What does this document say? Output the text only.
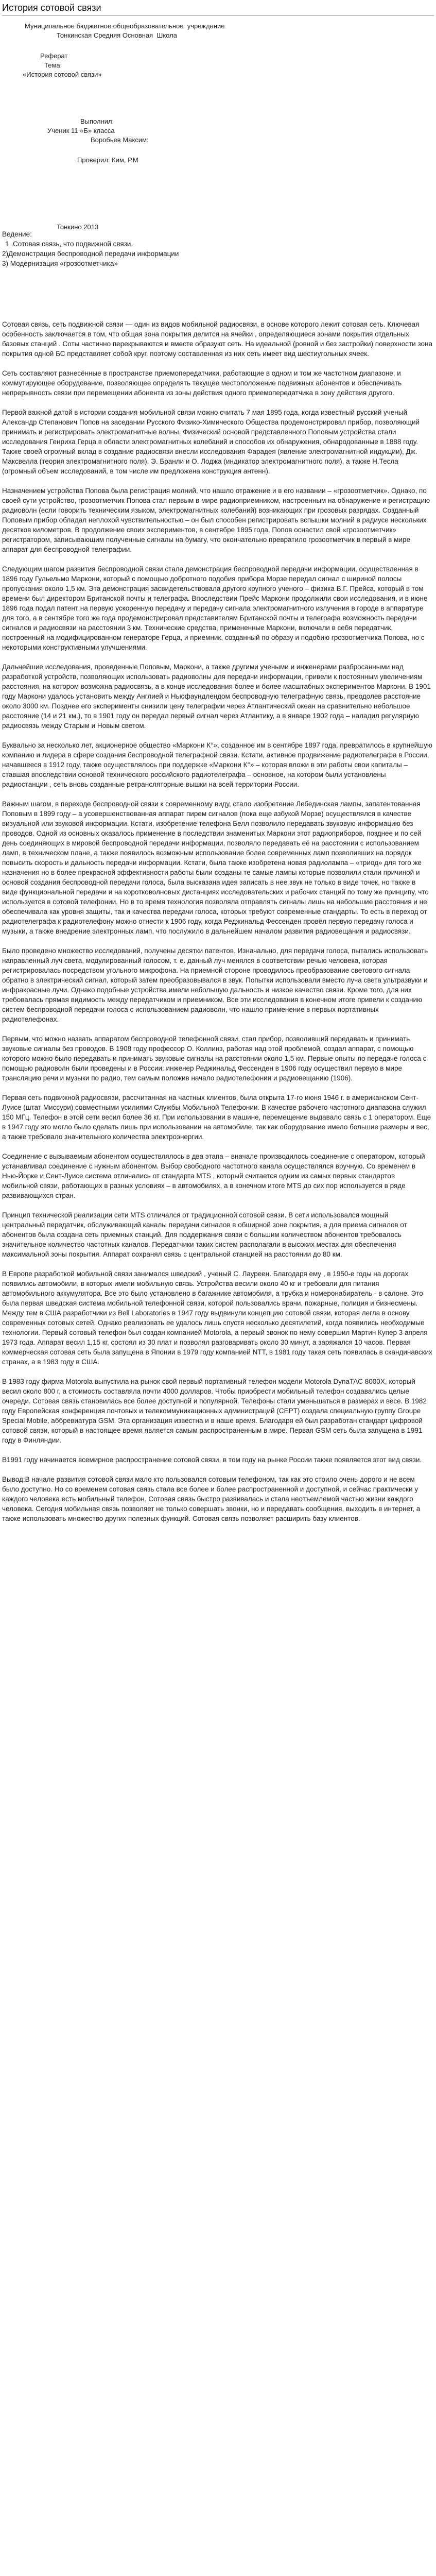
История сотовой связи

Муниципальное бюджетное общеобразовательное  учреждение

Тонкинская Средняя Основная  Школа

Реферат

Тема:

«История сотовой связи»

Выполнил:

Ученик 11 «Б» класса

Воробьев Максим:

Проверил: Ким, Р.М

Тонкино 2013

Ведение:

1. Сотовая связь, что подвижной связи.

2)Демонстрация беспроводной передачи информации

3) Модернизация «грозоотметчика»

Сотовая связь, сеть подвижной связи — один из видов мобильной радиосвязи, в основе которого лежит сотовая сеть. Ключевая особенность заключается в том, что общая зона покрытия делится на ячейки , определяющиеся зонами покрытия отдельных базовых станций . Соты частично перекрываются и вместе образуют сеть. На идеальной (ровной и без застройки) поверхности зона покрытия одной БС представляет собой круг, поэтому составленная из них сеть имеет вид шестиугольных ячеек.

Сеть составляют разнесённые в пространстве приемопередатчики, работающие в одном и том же частотном диапазоне, и коммутирующее оборудование, позволяющее определять текущее местоположение подвижных абонентов и обеспечивать непрерывность связи при перемещении абонента из зоны действия одного приемопередатчика в зону действия другого.

Первой важной датой в истории создания мобильной связи можно считать 7 мая 1895 года, когда известный русский ученый Александр Степанович Попов на заседании Русского Физико-Химического Общества продемонстрировал прибор, позволяющий принимать и регистрировать электромагнитные волны. Физический основой представленного Поповым устройства стали исследования Генриха Герца в области электромагнитных колебаний и способов их обнаружения, обнародованные в 1888 году. Также своей огромный вклад в создание радиосвязи внесли исследования Фарадея (явление электромагнитной индукции), Дж. Максвелла (теория электромагнитного поля), Э. Бранли и О. Лоджа (индикатор электромагнитного поля), а также Н.Тесла (огромный объем исследований, в том числе им предложена конструкция антенн).

Назначением устройства Попова была регистрация молний, что нашло отражение и в его названии – «грозоотметчик». Однако, по своей сути устройство, грозоотметчик Попова стал первым в мире радиоприемником, настроенным на обнаружение и регистрацию радиоволн (если говорить техническим языком, электромагнитных колебаний) возникающих при грозовых разрядах. Созданный Поповым прибор обладал неплохой чувствительностью – он был способен регистрировать вспышки молний в радиусе нескольких десятков километров. В продолжение своих экспериментов, в сентябре 1895 года, Попов оснастил свой «грозоотметчик» регистратором, записывающим полученные сигналы на бумагу, что окончательно превратило грозоотметчик в первый в мире аппарат для беспроводной телеграфии.

Следующим шагом развития беспроводной связи стала демонстрация беспроводной передачи информации, осуществленная в 1896 году Гульельмо Маркони, который с помощью добротного подобия прибора Морзе передал сигнал с шириной полосы пропускания около 1,5 км. Эта демонстрация засвидетельствовала другого крупного ученого – физика В.Г. Прейса, который в том времени был директором Британской почты и телеграфа. Впоследствии Прейс Маркони продолжили свои исследования, и в июне 1896 года подал патент на первую ускоренную передачу и передачу сигнала электромагнитного излучения в городе в аппаратуре для того, а в сентябре того же года продемонстрировал представителям Британской почты и телеграфа возможность передачи сигналов и радиосвязи на расстоянии 3 км. Технические средства, примененные Маркони, включали в себя передатчик, построенный на модифицированном генераторе Герца, и приемник, созданный по образу и подобию грозоотметчика Попова, но с некоторыми конструктивными улучшениями.

Дальнейшие исследования, проведенные Поповым, Маркони, а также другими учеными и инженерами разбросанными над разработкой устройств, позволяющих использовать радиоволны для передачи информации, привели к постоянным увеличениям расстояния, на котором возможна радиосвязь, а в конце исследования более и более масштабных экспериментов Маркони. В 1901 году Маркони удалось установить между Англией и Ньюфаундлендом беспроводную телеграфную связь, преодолев расстояние около 3000 км. Позднее его эксперименты снизили цену телеграфии через Атлантический океан на сравнительно небольшое расстояние (14 и 21 км.), то в 1901 году он передал первый сигнал через Атлантику, а в январе 1902 года – наладил регулярную радиосвязь между Старым и Новым светом.

Буквально за несколько лет, акционерное общество «Маркони К°», созданное им в сентябре 1897 года, превратилось в крупнейшую компанию и лидера в сфере создания беспроводной телеграфной связи. Кстати, активное продвижение радиотелеграфа в России, начавшееся в 1912 году, также осуществлялось при поддержке «Маркони К°» – которая вложи в эти работы свои капиталы – ставшая впоследствии основой технического российского радиотелеграфа – основное, на котором были установлены радиостанции , сеть вновь созданные ретрансляторные вышки на всей территории России.

Важным шагом, в переходе беспроводной связи к современному виду, стало изобретение Лебединская лампы, запатентованная Поповым в 1899 году – а усовершенствованная аппарат пирем сигналов (пока еще азбукой Морзе) осуществлялся в качестве визуальной или звуковой информации. Кстати, изобретение телефона Белл позволило передавать звуковую информацию без проводов. Одной из основных оказалось применение в последствии знаменитых Маркони этот радиоприборов, позднее и по сей день соединяющих в мировой беспроводной передачи информации, позволяло передавать её на расстоянии с использованием ламп, в техническом плане, а также появилось возможным использование более современных ламп позволивших на порядок повысить скорость и дальность передачи информации. Кстати, была также изобретена новая радиолампа – «триод» для того же назначения но в более прекрасной эффективности работы были созданы те самые лампы которые позволили стали причиной и основой создания беспроводной передачи голоса, была высказана идея записать в нее звук не только в виде точек, но также в виде функциональной передачи и на коротковолновых дистанциях исследовательских и рабочих станций по тому же принципу, что используется в сотовой телефонии. Но в то время технология позволяла отправлять сигналы лишь на небольшие расстояния и не обеспечивала как уровня защиты, так и качества передачи голоса, которых требуют современные стандарты. То есть в переход от радиотелеграфа к радиотелефону можно отнести к 1906 году, когда Реджинальд Фессенден провёл первую передачу голоса и музыки, а также внедрение электронных ламп, что послужило в дальнейшем началом развития радиовещания и радиосвязи.

Было проведено множество исследований, получены десятки патентов. Изначально, для передачи голоса, пытались использовать направленный луч света, модулированный голосом, т. е. данный луч менялся в соответствии речью человека, которая регистрировалась посредством угольного микрофона. На приемной стороне проводилось преобразование светового сигнала обратно в электрический сигнал, который затем преобразовывался в звук. Попытки использовали вместо луча света ультразвуки и инфракрасные лучи. Однако подобные устройства имели небольшую дальность и низкое качество связи. Кроме того, для них требовалась прямая видимость между передатчиком и приемником. Все эти исследования в конечном итоге привели к созданию систем беспроводной передачи голоса с использованием радиоволн, что нашло применение в первых портативных радиотелефонах.

Первым, что можно назвать аппаратом беспроводной телефонной связи, стал прибор, позволивший передавать и принимать звуковые сигналы без проводов. В 1908 году профессор О. Коллинз, работая над этой проблемой, создал аппарат, с помощью которого можно было передавать и принимать звуковые сигналы на расстоянии около 1,5 км. Первые опыты по передаче голоса с помощью радиоволн были проведены и в России: инженер Реджинальд Фессенден в 1906 году осуществил первую в мире трансляцию речи и музыки по радио, тем самым положив начало радиотелефонии и радиовещанию (1906).

Первая сеть подвижной радиосвязи, рассчитанная на частных клиентов, была открыта 17-го июня 1946 г. в американском Сент-Луисе (штат Миссури) совместными усилиями Службы Мобильной Телефонии. В качестве рабочего частотного диапазона служил 150 МГц. Телефон в этой сети весил более 36 кг. При использовании в машине, перемещение выдавало связь с 1 оператором. Еще в 1947 году это могло было сделать лишь при использовании на автомобиле, так как оборудование имело большие размеры и вес, а также требовало значительного количества электроэнергии.

Соединение с вызываемым абонентом осуществлялось в два этапа – вначале производилось соединение с оператором, который устанавливал соединение с нужным абонентом. Выбор свободного частотного канала осуществлялся вручную. Со временем в Нью-Йорке и Сент-Луисе система отличались от стандарта МТS , который считается одним из самых первых стандартов мобильной связи, работающих в разных условиях – в автомобилях, а в конечном итоге МТS до сих пор используется в ряде развивающихся стран.

Принцип технической реализации сети МТS отличался от традиционной сотовой связи. В сети использовался мощный центральный передатчик, обслуживающий каналы передачи сигналов в обширной зоне покрытия, а для приема сигналов от абонентов была создана сеть приемных станций. Для поддержания связи с большим количеством абонентов требовалось значительное количество частотных каналов. Передатчики таких систем располагали в высоких местах для обеспечения максимальной зоны покрытия. Аппарат сохранял связь с центральной станцией на расстоянии до 80 км.

В Европе разработкой мобильной связи занимался шведский , ученый С. Лауреен. Благодаря ему , в 1950-е годы на дорогах появились автомобили, в которых имели мобильную связь. Устройства весили около 40 кг и требовали для питания автомобильного аккумулятора. Все это было установлено в багажнике автомобиля, а трубка и номеронабиратель - в салоне. Это была первая шведская система мобильной телефонной связи, которой пользовались врачи, пожарные, полиция и бизнесмены. Между тем в США разработчики из Bell Laboratories в 1947 году выдвинули концепцию сотовой связи, которая легла в основу современных сотовых сетей. Однако реализовать ее удалось лишь спустя несколько десятилетий, когда появились необходимые технологии. Первый сотовый телефон был создан компанией Motorola, а первый звонок по нему совершил Мартин Купер 3 апреля 1973 года. Аппарат весил 1,15 кг, состоял из 30 плат и позволял разговаривать около 30 минут, а заряжался 10 часов. Первая коммерческая сотовая сеть была запущена в Японии в 1979 году компанией NTT, в 1981 году такая сеть появилась в скандинавских странах, а в 1983 году в США.

В 1983 году фирма Motorola выпустила на рынок свой первый портативный телефон модели Motorola DynaTAC 8000Х, который весил около 800 г, а стоимость составляла почти 4000 долларов. Чтобы приобрести мобильный телефон создавались целые очереди. Сотовая связь становилась все более доступной и популярной. Телефоны стали уменьшаться в размерах и весе. В 1982 году Европейская конференция почтовых и телекоммуникационных администраций (CEPT) создала специальную группу Groupe Special Mobile, аббревиатура GSM. Эта организация известна и в наше время. Благодаря ей был разработан стандарт цифровой сотовой связи, который в настоящее время является самым распространенным в мире. Первая GSM сеть была запущена в 1991 году в Финляндии.

В1991 году начинается всемирное распространение сотовой связи, в том году на рынке России также появляется этот вид связи.

Вывод:В начале развития сотовой связи мало кто пользовался сотовым телефоном, так как это стоило очень дорого и не всем было доступно. Но со временем сотовая связь стала все более и более распространенной и доступной, и сейчас практически у каждого человека есть мобильный телефон. Сотовая связь быстро развивалась и стала неотъемлемой частью жизни каждого человека. Сегодня мобильная связь позволяет не только совершать звонки, но и передавать сообщения, выходить в интернет, а также использовать множество других полезных функций. Сотовая связь позволяет расширить базу клиентов.
